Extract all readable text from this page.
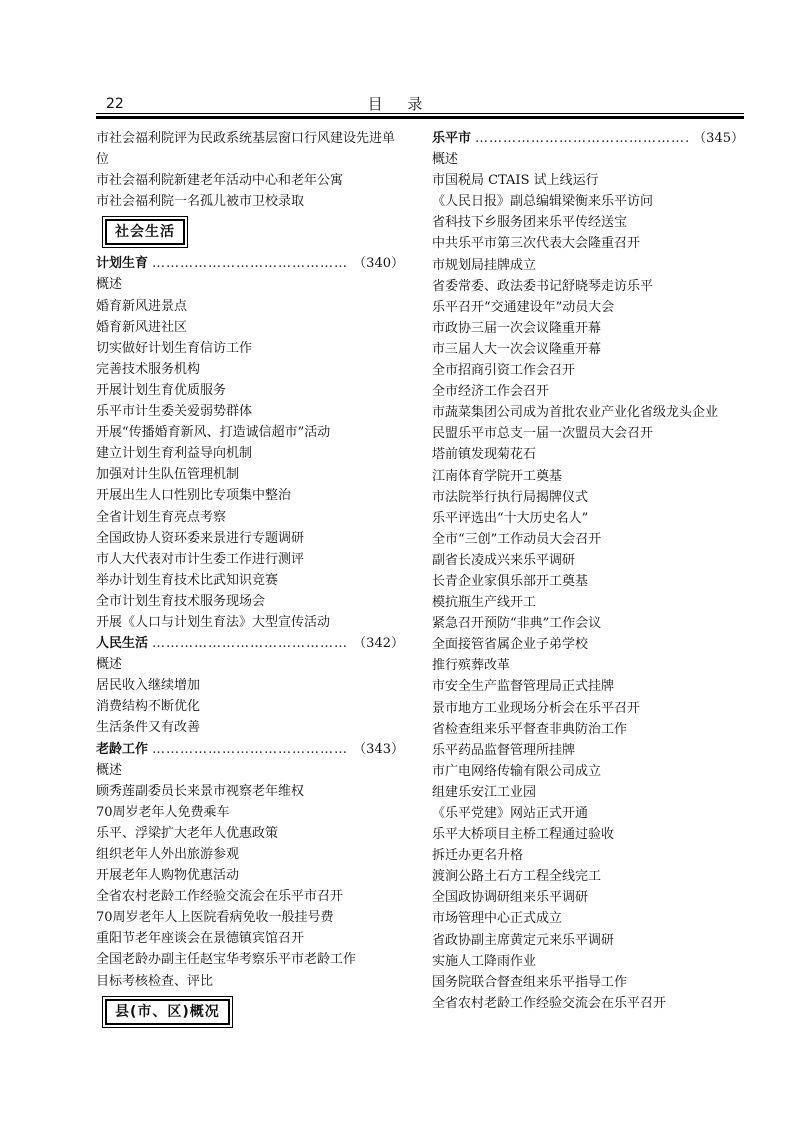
22	目 录

市社会福利院评为民政系统基层窗口行风建设先进单位

市社会福利院新建老年活动中心和老年公寓

市社会福利院一名孤儿被市卫校录取

社会生活
计划生育 ………………………………………………………………………………………………………………	（340）

概述

婚育新风进景点

婚育新风进社区

切实做好计划生育信访工作

完善技术服务机构

开展计划生育优质服务

乐平市计生委关爱弱势群体

开展“传播婚育新风、打造诚信超市”活动

建立计划生育利益导向机制

加强对计生队伍管理机制

开展出生人口性别比专项集中整治

全省计划生育亮点考察

全国政协人资环委来景进行专题调研

市人大代表对市计生委工作进行测评

举办计划生育技术比武知识竞赛

全市计划生育技术服务现场会

开展《人口与计划生育法》大型宣传活动

人民生活 ………………………………………………………………………………………………………………	（342）

概述

居民收入继续增加

消费结构不断优化

生活条件又有改善

老龄工作 ………………………………………………………………………………………………………………	（343）

概述

顾秀莲副委员长来景市视察老年维权

70周岁老年人免费乘车

乐平、浮梁扩大老年人优惠政策

组织老年人外出旅游参观

开展老年人购物优惠活动

全省农村老龄工作经验交流会在乐平市召开

70周岁老年人上医院看病免收一般挂号费

重阳节老年座谈会在景德镇宾馆召开

全国老龄办副主任赵宝华考察乐平市老龄工作

目标考核检查、评比

县(市、区)概况
乐平市 ………………………………………………………………………………………………………………	（345）

概述

市国税局 CTAIS 试上线运行

《人民日报》副总编辑梁衡来乐平访问

省科技下乡服务团来乐平传经送宝

中共乐平市第三次代表大会隆重召开

市规划局挂牌成立

省委常委、政法委书记舒晓琴走访乐平

乐平召开“交通建设年”动员大会

市政协三届一次会议隆重开幕

市三届人大一次会议隆重开幕

全市招商引资工作会召开

全市经济工作会召开

市蔬菜集团公司成为首批农业产业化省级龙头企业

民盟乐平市总支一届一次盟员大会召开

塔前镇发现菊花石

江南体育学院开工奠基

市法院举行执行局揭牌仪式

乐平评选出“十大历史名人”

全市“三创”工作动员大会召开

副省长凌成兴来乐平调研

长青企业家俱乐部开工奠基

模抗瓶生产线开工

紧急召开预防“非典”工作会议

全面接管省属企业子弟学校

推行殡葬改革

市安全生产监督管理局正式挂牌

景市地方工业现场分析会在乐平召开

省检查组来乐平督查非典防治工作

乐平药品监督管理所挂牌

市广电网络传输有限公司成立

组建乐安江工业园

《乐平党建》网站正式开通

乐平大桥项目主桥工程通过验收

拆迁办更名升格

渡涧公路土石方工程全线完工

全国政协调研组来乐平调研

市场管理中心正式成立

省政协副主席黄定元来乐平调研

实施人工降雨作业

国务院联合督查组来乐平指导工作

全省农村老龄工作经验交流会在乐平召开
